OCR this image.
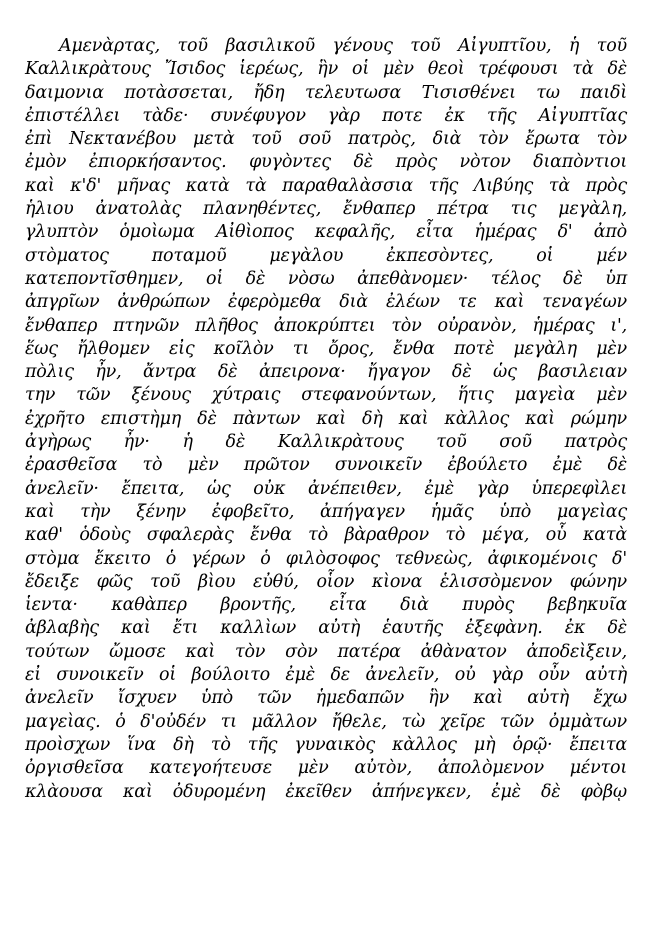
Αμενὰρτας, τοῦ βασιλικοῦ γένους τοῦ Αἰγυπτῖου, ἡ τοῦ
Καλλικρὰτους Ἴσιδος ἱερέως, ἣν οἱ μὲν θεοὶ τρέφουσι τὰ δὲ
δαιμονια ποτὰσσεται, ἤδη τελευτωσα Τισισθένει τω παιδὶ
ἐπιστέλλει τὰδε· συνέφυγον γὰρ ποτε ἐκ τῆς Αἰγυπτῖας
ἐπὶ Νεκτανέβου μετὰ τοῦ σοῦ πατρὸς, διὰ τὸν ἔρωτα τὸν
ἐμὸν ἐπιορκήσαντος. φυγὸντες δὲ πρὸς νὸτον διαπὸντιοι
καὶ κ'δ' μῆνας κατὰ τὰ παραθαλὰσσια τῆς Λιβύης τὰ πρὸς
ἡλιου ἀνατολὰς πλανηθέντες, ἔνθαπερ πέτρα τις μεγὰλη,
γλυπτὸν ὁμοὶωμα Αἰθὶοπος κεφαλῆς, εἶτα ἡμέρας δ' ἀπὸ
στὸματος ποταμοῦ μεγὰλου ἐκπεσὸντες, οἱ μέν
κατεποντῖσθημεν, οἱ δὲ νὸσω ἀπεθὰνομεν· τέλος δὲ ὑπ
ἀπγρῖων ἀνθρώπων ἐφερὸμεθα διὰ ἐλέων τε καὶ τεναγέων
ἔνθαπερ πτηνῶν πλῆθος ἀποκρύπτει τὸν οὐρανὸν, ἡμέρας ι',
ἕως ἤλθομεν εἰς κοῖλὸν τι ὄρος, ἔνθα ποτὲ μεγὰλη μὲν
πὸλις ἦν, ἄντρα δὲ ἀπειρονα· ἤγαγον δὲ ὡς βασιλειαν
την τῶν ξένους χύτραις στεφανούντων, ἥτις μαγεὶα μὲν
ἐχρῆτο επιστὴμη δὲ πὰντων καὶ δὴ καὶ κὰλλος καὶ ρώμην
ἀγὴρως ἦν· ἡ δὲ Καλλικρὰτους τοῦ σοῦ πατρὸς
ἐρασθεῖσα τὸ μὲν πρῶτον συνοικεῖν ἐβούλετο ἐμὲ δὲ
ἀνελεῖν· ἔπειτα, ὡς οὐκ ἀνέπειθεν, ἐμὲ γὰρ ὑπερεφὶλει
καὶ τὴν ξένην ἐφοβεῖτο, ἀπήγαγεν ἡμᾶς ὑπὸ μαγεὶας
καθ' ὁδοὺς σφαλερὰς ἔνθα τὸ βὰραθρον τὸ μέγα, οὗ κατὰ
στὸμα ἔκειτο ὁ γέρων ὁ φιλὸσοφος τεθνεὼς, ἀφικομένοις δ'
ἔδειξε φῶς τοῦ βὶου εὐθύ, οἷον κὶονα ἑλισσὸμενον φώνην
ἱεντα· καθὰπερ βροντῆς, εἶτα διὰ πυρὸς βεβηκυῖα
ἀβλαβὴς καὶ ἔτι καλλὶων αὐτὴ ἑαυτῆς ἐξεφὰνη. ἐκ δὲ
τούτων ὤμοσε καὶ τὸν σὸν πατέρα ἀθὰνατον ἀποδεὶξειν,
εἰ συνοικεῖν οἱ βούλοιτο ἐμὲ δε ἀνελεῖν, οὐ γὰρ οὖν αὐτὴ
ἀνελεῖν ἴσχυεν ὑπὸ τῶν ἡμεδαπῶν ἣν καὶ αὐτὴ ἔχω
μαγεὶας. ὁ δ'οὐδέν τι μᾶλλον ἤθελε, τὼ χεῖρε τῶν ὀμμὰτων
προὶσχων ἵνα δὴ τὸ τῆς γυναικὸς κὰλλος μὴ ὁρῷ· ἔπειτα
ὀργισθεῖσα κατεγοήτευσε μὲν αὐτὸν, ἀπολὸμενον μέντοι
κλὰουσα καὶ ὀδυρομένη ἐκεῖθεν ἀπήνεγκεν, ἐμὲ δὲ φὸβῳ
